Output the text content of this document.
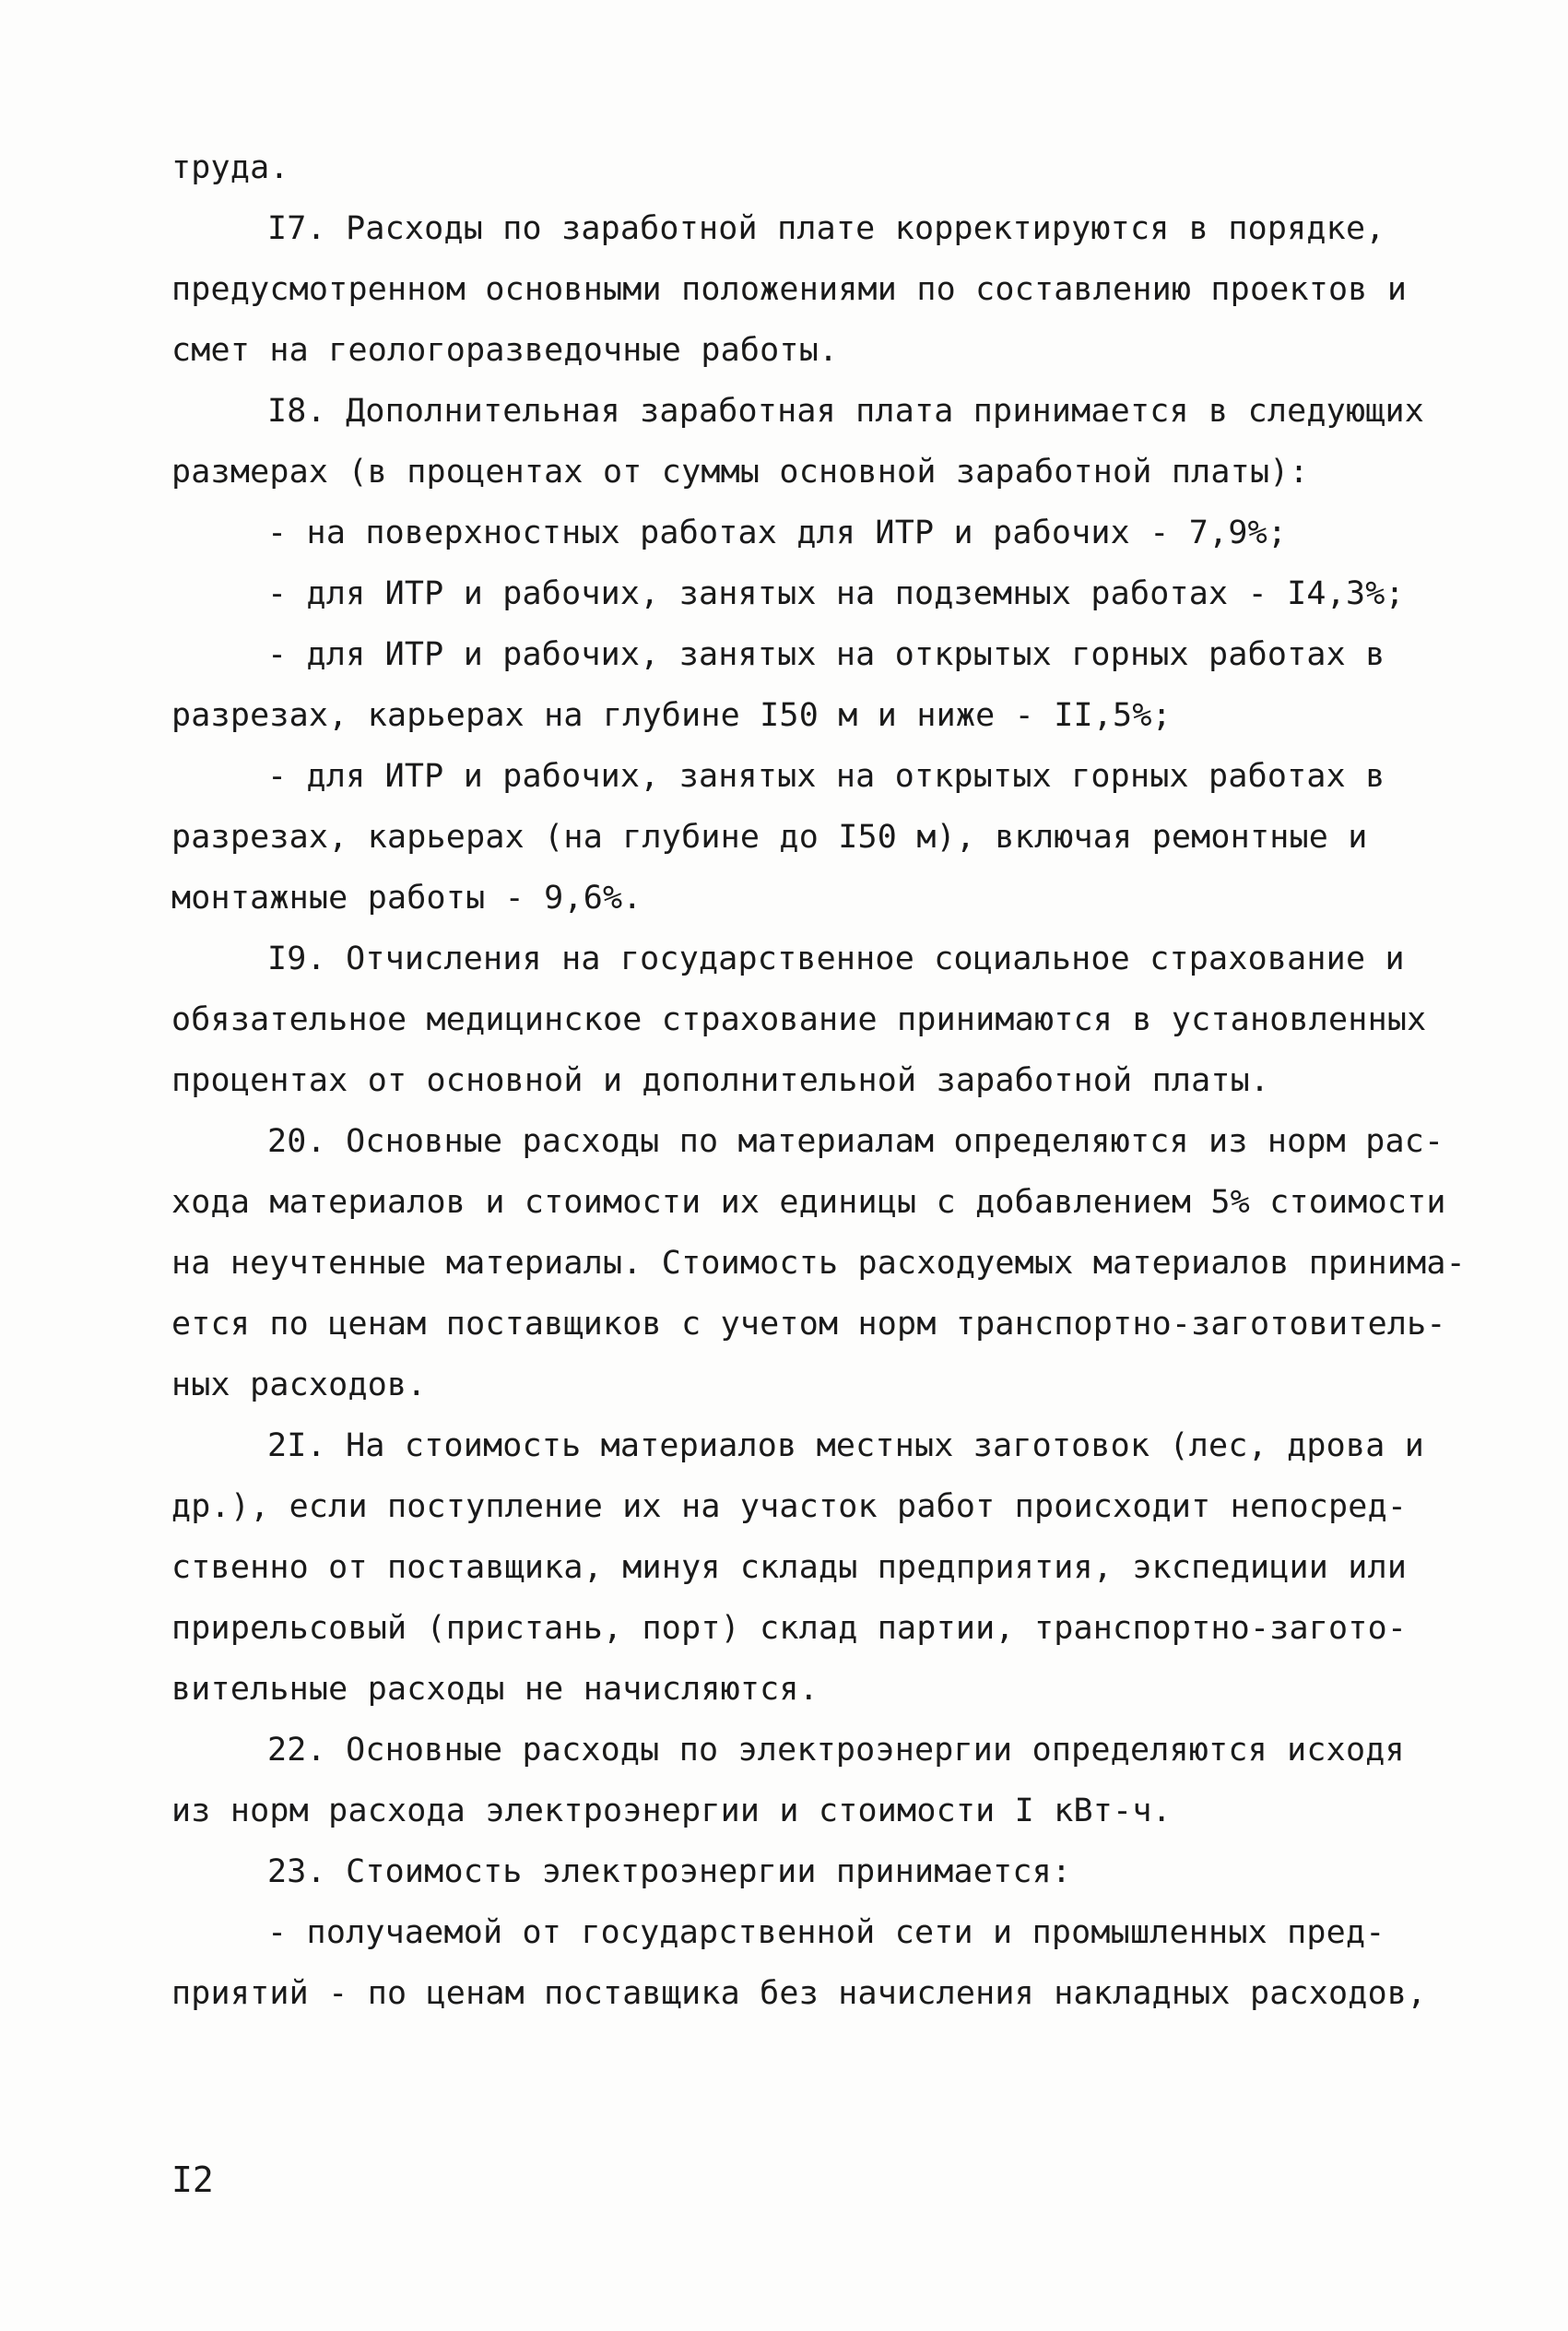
труда.

I7. Расходы по заработной плате корректируются в порядке,

предусмотренном основными положениями по составлению проектов и

смет на геологоразведочные работы.

I8. Дополнительная заработная плата принимается в следующих

размерах (в процентах от суммы основной заработной платы):

- на поверхностных работах для ИТР и рабочих - 7,9%;

- для ИТР и рабочих, занятых на подземных работах - I4,3%;

- для ИТР и рабочих, занятых на открытых горных работах в

разрезах, карьерах на глубине I50 м и ниже - II,5%;

- для ИТР и рабочих, занятых на открытых горных работах в

разрезах, карьерах (на глубине до I50 м), включая ремонтные и

монтажные работы - 9,6%.

I9. Отчисления на государственное социальное страхование и

обязательное медицинское страхование принимаются в установленных

процентах от основной и дополнительной заработной платы.

20. Основные расходы по материалам определяются из норм рас-

хода материалов и стоимости их единицы с добавлением 5% стоимости

на неучтенные материалы. Стоимость расходуемых материалов принима-

ется по ценам поставщиков с учетом норм транспортно-заготовитель-

ных расходов.

2I. На стоимость материалов местных заготовок (лес, дрова и

др.), если поступление их на участок работ происходит непосред-

ственно от поставщика, минуя склады предприятия, экспедиции или

прирельсовый (пристань, порт) склад партии, транспортно-загото-

вительные расходы не начисляются.

22. Основные расходы по электроэнергии определяются исходя

из норм расхода электроэнергии и стоимости I кВт-ч.

23. Стоимость электроэнергии принимается:

- получаемой от государственной сети и промышленных пред-

приятий - по ценам поставщика без начисления накладных расходов,

I2
